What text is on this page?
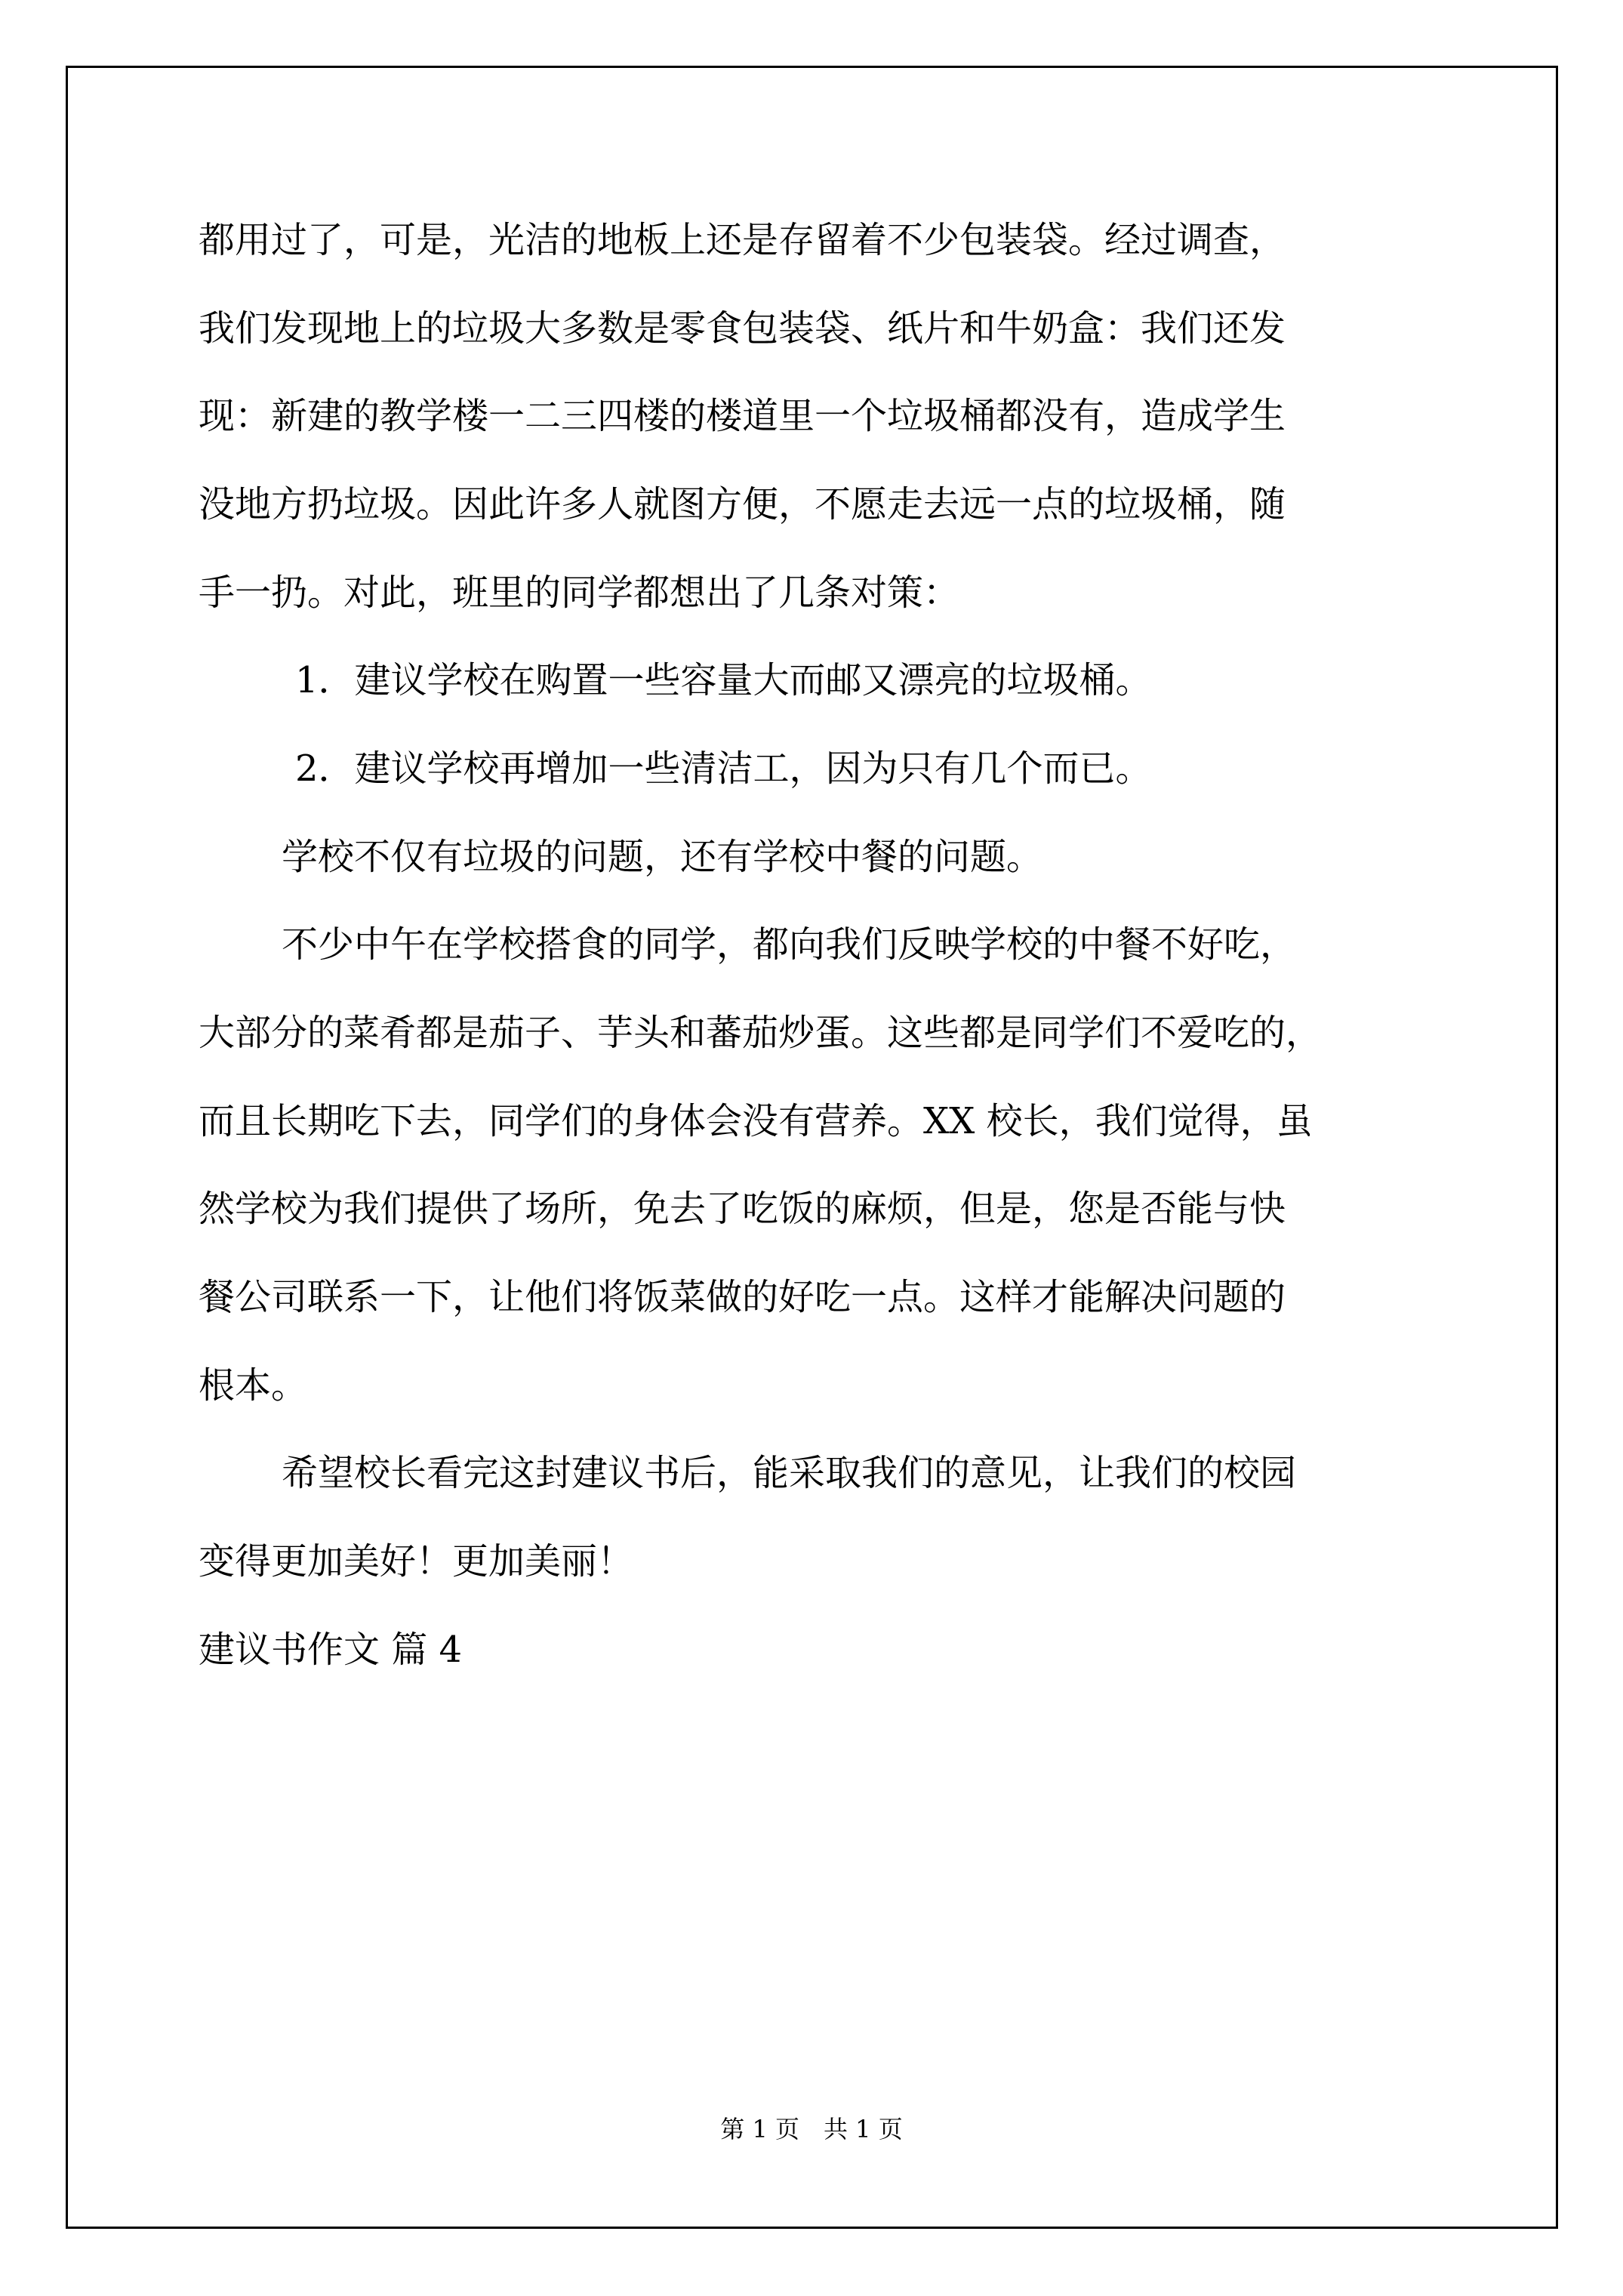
都用过了，可是，光洁的地板上还是存留着不少包装袋。经过调查，
我们发现地上的垃圾大多数是零食包装袋、纸片和牛奶盒：我们还发
现：新建的教学楼一二三四楼的楼道里一个垃圾桶都没有，造成学生
没地方扔垃圾。因此许多人就图方便，不愿走去远一点的垃圾桶，随
手一扔。对此，班里的同学都想出了几条对策：
1．建议学校在购置一些容量大而邮又漂亮的垃圾桶。
2．建议学校再增加一些清洁工，因为只有几个而已。
学校不仅有垃圾的问题，还有学校中餐的问题。
不少中午在学校搭食的同学，都向我们反映学校的中餐不好吃，
大部分的菜肴都是茄子、芋头和蕃茄炒蛋。这些都是同学们不爱吃的，
而且长期吃下去，同学们的身体会没有营养。XX 校长，我们觉得，虽
然学校为我们提供了场所，免去了吃饭的麻烦，但是，您是否能与快
餐公司联系一下，让他们将饭菜做的好吃一点。这样才能解决问题的
根本。
希望校长看完这封建议书后，能采取我们的意见，让我们的校园
变得更加美好！更加美丽！
建议书作文 篇 4
第 1 页　共 1 页
